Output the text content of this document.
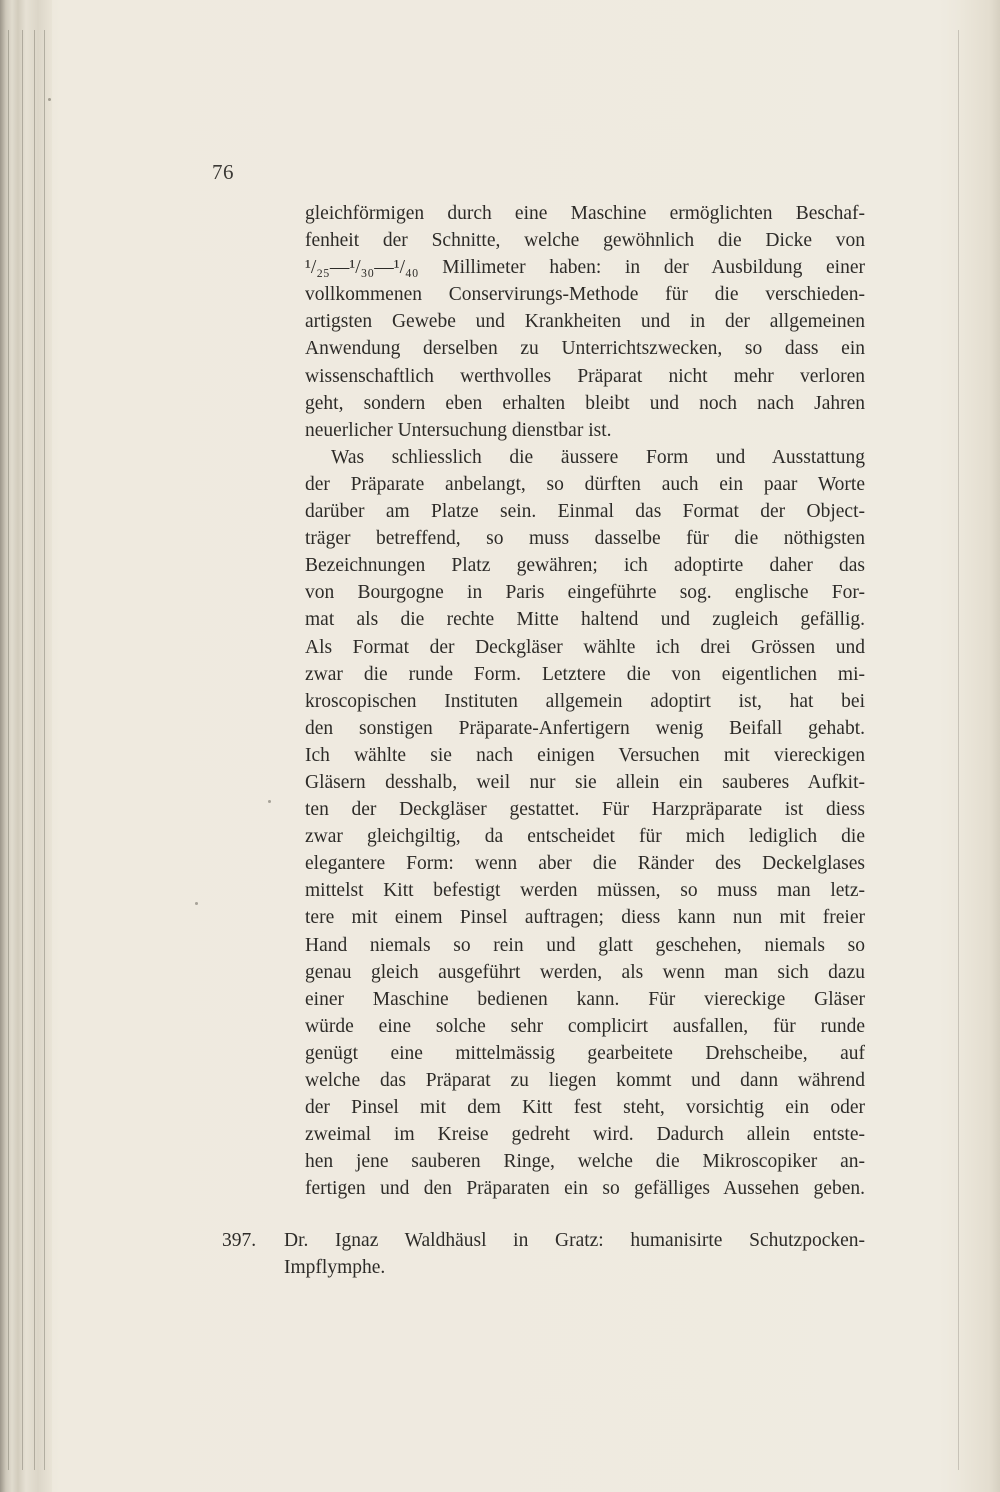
76
gleichförmigen durch eine Maschine ermöglichten Beschaf-
fenheit der Schnitte, welche gewöhnlich die Dicke von
¹/₂₅—¹/₃₀—¹/₄₀ Millimeter haben: in der Ausbildung einer
vollkommenen Conservirungs-Methode für die verschieden-
artigsten Gewebe und Krankheiten und in der allgemeinen
Anwendung derselben zu Unterrichtszwecken, so dass ein
wissenschaftlich werthvolles Präparat nicht mehr verloren
geht, sondern eben erhalten bleibt und noch nach Jahren
neuerlicher Untersuchung dienstbar ist.
Was schliesslich die äussere Form und Ausstattung
der Präparate anbelangt, so dürften auch ein paar Worte
darüber am Platze sein. Einmal das Format der Object-
träger betreffend, so muss dasselbe für die nöthigsten
Bezeichnungen Platz gewähren; ich adoptirte daher das
von Bourgogne in Paris eingeführte sog. englische For-
mat als die rechte Mitte haltend und zugleich gefällig.
Als Format der Deckgläser wählte ich drei Grössen und
zwar die runde Form. Letztere die von eigentlichen mi-
kroscopischen Instituten allgemein adoptirt ist, hat bei
den sonstigen Präparate-Anfertigern wenig Beifall gehabt.
Ich wählte sie nach einigen Versuchen mit viereckigen
Gläsern desshalb, weil nur sie allein ein sauberes Aufkit-
ten der Deckgläser gestattet. Für Harzpräparate ist diess
zwar gleichgiltig, da entscheidet für mich lediglich die
elegantere Form: wenn aber die Ränder des Deckelglases
mittelst Kitt befestigt werden müssen, so muss man letz-
tere mit einem Pinsel auftragen; diess kann nun mit freier
Hand niemals so rein und glatt geschehen, niemals so
genau gleich ausgeführt werden, als wenn man sich dazu
einer Maschine bedienen kann. Für viereckige Gläser
würde eine solche sehr complicirt ausfallen, für runde
genügt eine mittelmässig gearbeitete Drehscheibe, auf
welche das Präparat zu liegen kommt und dann während
der Pinsel mit dem Kitt fest steht, vorsichtig ein oder
zweimal im Kreise gedreht wird. Dadurch allein entste-
hen jene sauberen Ringe, welche die Mikroscopiker an-
fertigen und den Präparaten ein so gefälliges Aussehen geben.
397.	Dr. Ignaz Waldhäusl in Gratz: humanisirte Schutzpocken-
Impflymphe.
